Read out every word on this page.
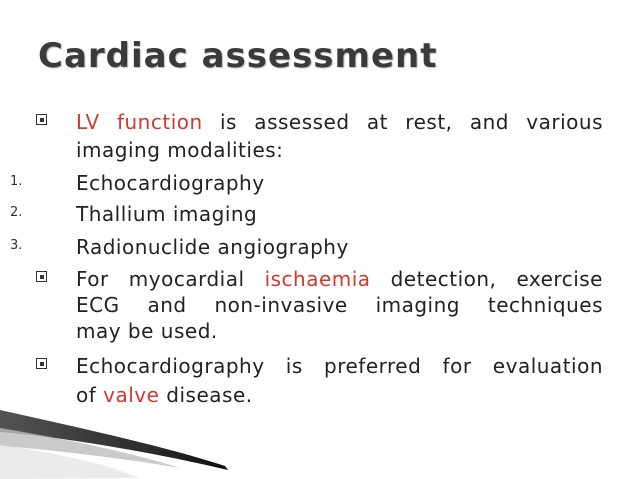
Cardiac assessment
LV function is assessed at rest, and various
imaging modalities:
1.	Echocardiography
2.	Thallium imaging
3.	Radionuclide angiography
For myocardial ischaemia detection, exercise
ECG and non-invasive imaging techniques
may be used.
Echocardiography is preferred for evaluation
of valve disease.
